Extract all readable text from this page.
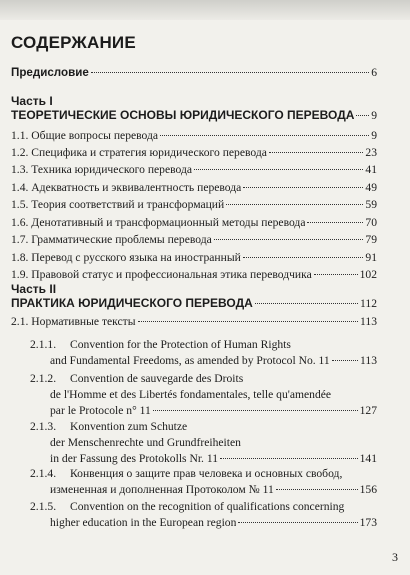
СОДЕРЖАНИЕ
Предисловие	6
Часть I
ТЕОРЕТИЧЕСКИЕ ОСНОВЫ ЮРИДИЧЕСКОГО ПЕРЕВОДА 9
1.1. Общие вопросы перевода	9
1.2. Специфика и стратегия юридического перевода	23
1.3. Техника юридического перевода	41
1.4. Адекватность и эквивалентность перевода	49
1.5. Теория соответствий и трансформаций	59
1.6. Денотативный и трансформационный методы перевода	70
1.7. Грамматические проблемы перевода	79
1.8. Перевод с русского языка на иностранный	91
1.9. Правовой статус и профессиональная этика переводчика	102
Часть II
ПРАКТИКА ЮРИДИЧЕСКОГО ПЕРЕВОДА	112
2.1. Нормативные тексты	113
2.1.1. Convention for the Protection of Human Rights
and Fundamental Freedoms, as amended by Protocol No. 11	113
2.1.2. Convention de sauvegarde des Droits
de l'Homme et des Libertés fondamentales, telle qu'amendée
par le Protocole n° 11	127
2.1.3. Konvention zum Schutze
der Menschenrechte und Grundfreiheiten
in der Fassung des Protokolls Nr. 11	141
2.1.4. Конвенция о защите прав человека и основных свобод,
измененная и дополненная Протоколом № 11	156
2.1.5. Convention on the recognition of qualifications concerning
higher education in the European region	173
3
